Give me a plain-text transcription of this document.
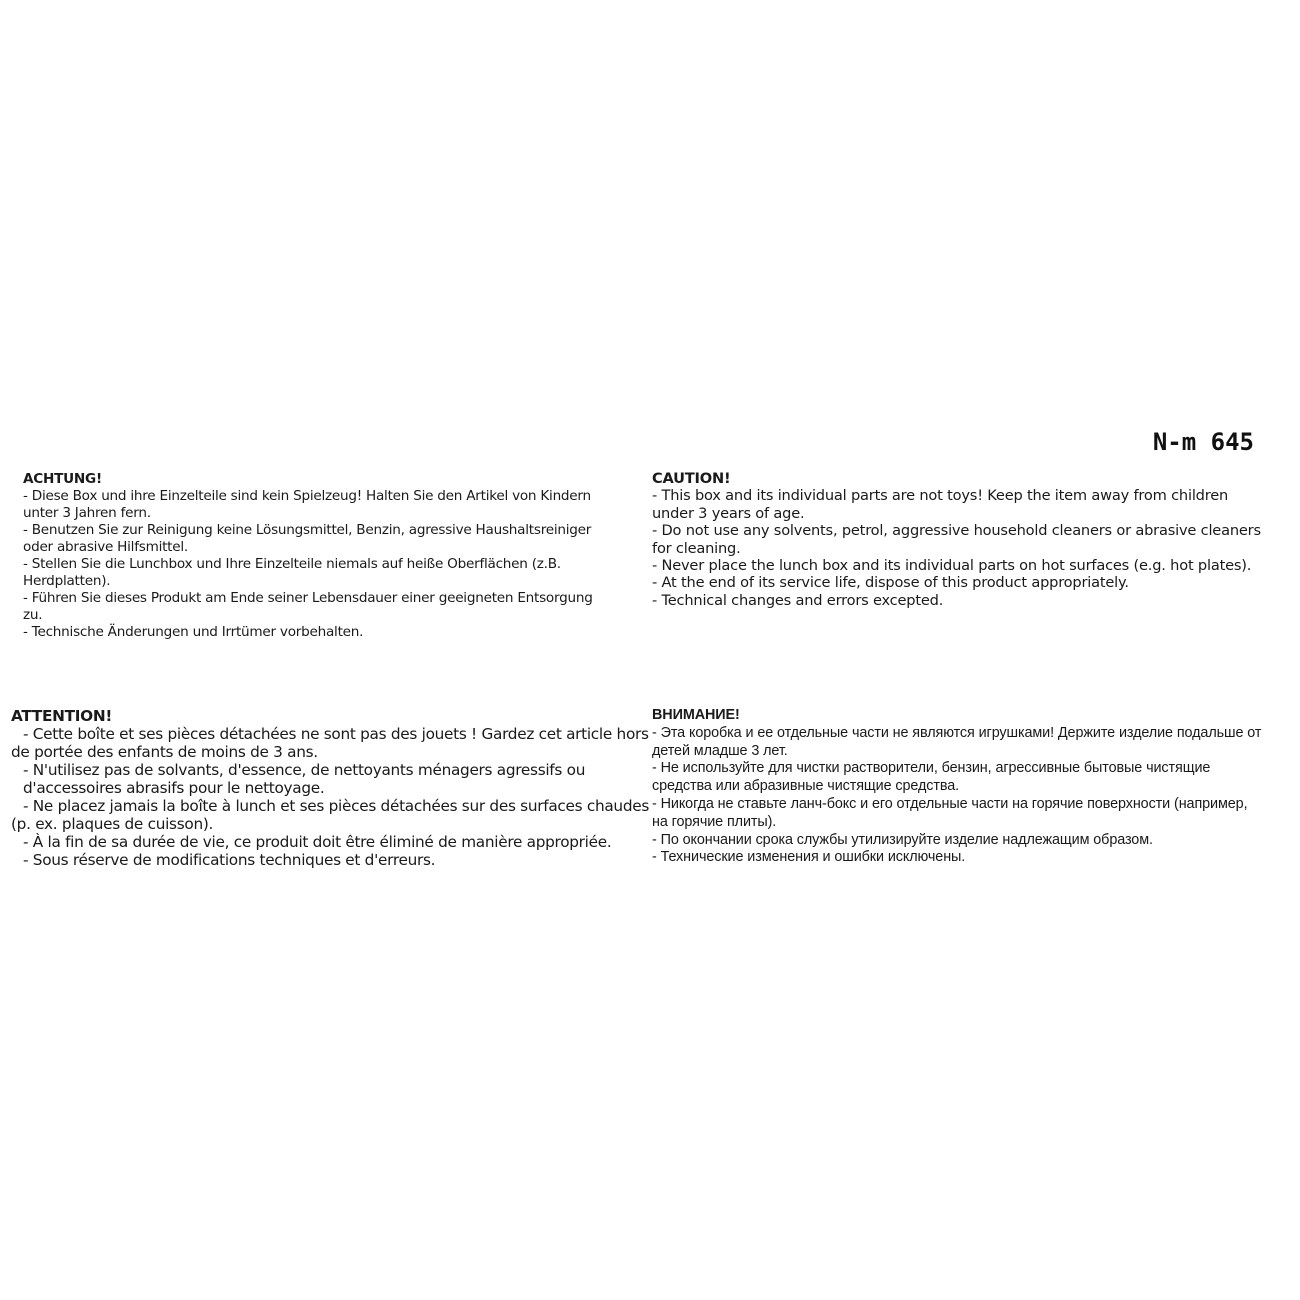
N-m 645
ACHTUNG!
- Diese Box und ihre Einzelteile sind kein Spielzeug! Halten Sie den Artikel von Kindern
unter 3 Jahren fern.
- Benutzen Sie zur Reinigung keine Lösungsmittel, Benzin, agressive Haushaltsreiniger
oder abrasive Hilfsmittel.
- Stellen Sie die Lunchbox und Ihre Einzelteile niemals auf heiße Oberflächen (z.B.
Herdplatten).
- Führen Sie dieses Produkt am Ende seiner Lebensdauer einer geeigneten Entsorgung
zu.
- Technische Änderungen und Irrtümer vorbehalten.
CAUTION!
- This box and its individual parts are not toys! Keep the item away from children
under 3 years of age.
- Do not use any solvents, petrol, aggressive household cleaners or abrasive cleaners
for cleaning.
- Never place the lunch box and its individual parts on hot surfaces (e.g. hot plates).
- At the end of its service life, dispose of this product appropriately.
- Technical changes and errors excepted.
ATTENTION!
- Cette boîte et ses pièces détachées ne sont pas des jouets ! Gardez cet article hors
de portée des enfants de moins de 3 ans.
- N'utilisez pas de solvants, d'essence, de nettoyants ménagers agressifs ou
d'accessoires abrasifs pour le nettoyage.
- Ne placez jamais la boîte à lunch et ses pièces détachées sur des surfaces chaudes
(p. ex. plaques de cuisson).
- À la fin de sa durée de vie, ce produit doit être éliminé de manière appropriée.
- Sous réserve de modifications techniques et d'erreurs.
ВНИМАНИЕ!
- Эта коробка и ее отдельные части не являются игрушками! Держите изделие подальше от
детей младше 3 лет.
- Не используйте для чистки растворители, бензин, агрессивные бытовые чистящие
средства или абразивные чистящие средства.
- Никогда не ставьте ланч-бокс и его отдельные части на горячие поверхности (например,
на горячие плиты).
- По окончании срока службы утилизируйте изделие надлежащим образом.
- Технические изменения и ошибки исключены.
